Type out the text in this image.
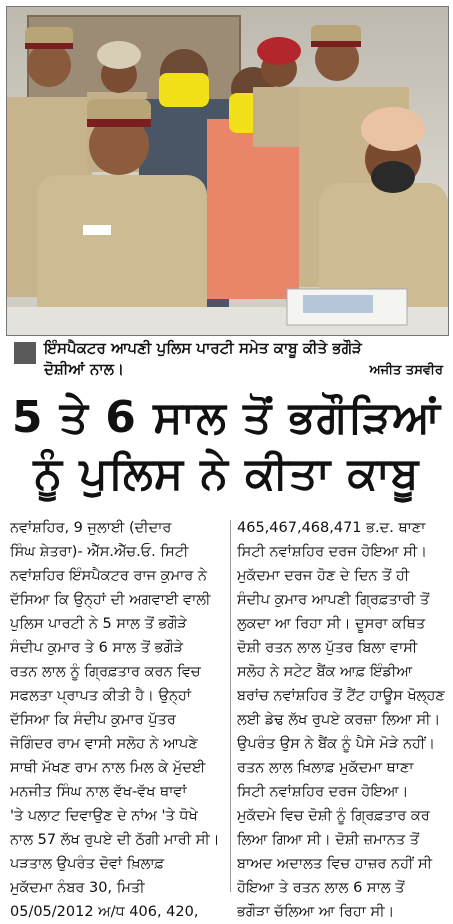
ਇੰਸਪੈਕਟਰ ਆਪਣੀ ਪੁਲਿਸ ਪਾਰਟੀ ਸਮੇਤ ਕਾਬੂ ਕੀਤੇ ਭਗੌੜੇ
ਦੋਸ਼ੀਆਂ ਨਾਲ।	ਅਜੀਤ ਤਸਵੀਰ
5 ਤੇ 6 ਸਾਲ ਤੋਂ ਭਗੌੜਿਆਂ
ਨੂੰ ਪੁਲਿਸ ਨੇ ਕੀਤਾ ਕਾਬੂ
ਨਵਾਂਸ਼ਹਿਰ, 9 ਜੁਲਾਈ (ਦੀਦਾਰ
ਸਿੰਘ ਸ਼ੇਤਰਾ)- ਐੱਸ.ਐੱਚ.ਓ. ਸਿਟੀ
ਨਵਾਂਸ਼ਹਿਰ ਇੰਸਪੈਕਟਰ ਰਾਜ ਕੁਮਾਰ ਨੇ
ਦੱਸਿਆ ਕਿ ਉਨ੍ਹਾਂ ਦੀ ਅਗਵਾਈ ਵਾਲੀ
ਪੁਲਿਸ ਪਾਰਟੀ ਨੇ 5 ਸਾਲ ਤੋਂ ਭਗੌੜੇ
ਸੰਦੀਪ ਕੁਮਾਰ ਤੇ 6 ਸਾਲ ਤੋਂ ਭਗੌੜੇ
ਰਤਨ ਲਾਲ ਨੂੰ ਗ੍ਰਿਫ਼ਤਾਰ ਕਰਨ ਵਿਚ
ਸਫਲਤਾ ਪ੍ਰਾਪਤ ਕੀਤੀ ਹੈ। ਉਨ੍ਹਾਂ
ਦੱਸਿਆ ਕਿ ਸੰਦੀਪ ਕੁਮਾਰ ਪੁੱਤਰ
ਜੋਗਿੰਦਰ ਰਾਮ ਵਾਸੀ ਸਲੋਹ ਨੇ ਆਪਣੇ
ਸਾਥੀ ਮੱਖਣ ਰਾਮ ਨਾਲ ਮਿਲ ਕੇ ਮੁੱਦਈ
ਮਨਜੀਤ ਸਿੰਘ ਨਾਲ ਵੱਖ-ਵੱਖ ਥਾਵਾਂ
'ਤੇ ਪਲਾਟ ਦਿਵਾਉਣ ਦੇ ਨਾਂਅ 'ਤੇ ਧੋਖੇ
ਨਾਲ 57 ਲੱਖ ਰੁਪਏ ਦੀ ਠੱਗੀ ਮਾਰੀ ਸੀ।
ਪੜਤਾਲ ਉਪਰੰਤ ਦੋਵਾਂ ਖ਼ਿਲਾਫ਼
ਮੁਕੱਦਮਾ ਨੰਬਰ 30, ਮਿਤੀ
05/05/2012 ਅ/ਧ 406, 420,
465,467,468,471 ਭ.ਦ. ਥਾਣਾ
ਸਿਟੀ ਨਵਾਂਸ਼ਹਿਰ ਦਰਜ ਹੋਇਆ ਸੀ।
ਮੁਕੱਦਮਾ ਦਰਜ ਹੋਣ ਦੇ ਦਿਨ ਤੋਂ ਹੀ
ਸੰਦੀਪ ਕੁਮਾਰ ਆਪਣੀ ਗ੍ਰਿਫ਼ਤਾਰੀ ਤੋਂ
ਲੁਕਦਾ ਆ ਰਿਹਾ ਸੀ। ਦੂਸਰਾ ਕਥਿਤ
ਦੋਸ਼ੀ ਰਤਨ ਲਾਲ ਪੁੱਤਰ ਬਿਲਾ ਵਾਸੀ
ਸਲੋਹ ਨੇ ਸਟੇਟ ਬੈਂਕ ਆਫ਼ ਇੰਡੀਆ
ਬਰਾਂਚ ਨਵਾਂਸ਼ਹਿਰ ਤੋਂ ਟੈਂਟ ਹਾਊਸ ਖੋਲ੍ਹਣ
ਲਈ ਡੇਢ ਲੱਖ ਰੁਪਏ ਕਰਜ਼ਾ ਲਿਆ ਸੀ।
ਉਪਰੰਤ ਉਸ ਨੇ ਬੈਂਕ ਨੂੰ ਪੈਸੇ ਮੋੜੇ ਨਹੀਂ।
ਰਤਨ ਲਾਲ ਖ਼ਿਲਾਫ਼ ਮੁਕੱਦਮਾ ਥਾਣਾ
ਸਿਟੀ ਨਵਾਂਸ਼ਹਿਰ ਦਰਜ ਹੋਇਆ।
ਮੁਕੱਦਮੇ ਵਿਚ ਦੋਸ਼ੀ ਨੂੰ ਗ੍ਰਿਫ਼ਤਾਰ ਕਰ
ਲਿਆ ਗਿਆ ਸੀ। ਦੋਸ਼ੀ ਜ਼ਮਾਨਤ ਤੋਂ
ਬਾਅਦ ਅਦਾਲਤ ਵਿਚ ਹਾਜ਼ਰ ਨਹੀਂ ਸੀ
ਹੋਇਆ ਤੇ ਰਤਨ ਲਾਲ 6 ਸਾਲ ਤੋਂ
ਭਗੌੜਾ ਚੱਲਿਆ ਆ ਰਿਹਾ ਸੀ।
